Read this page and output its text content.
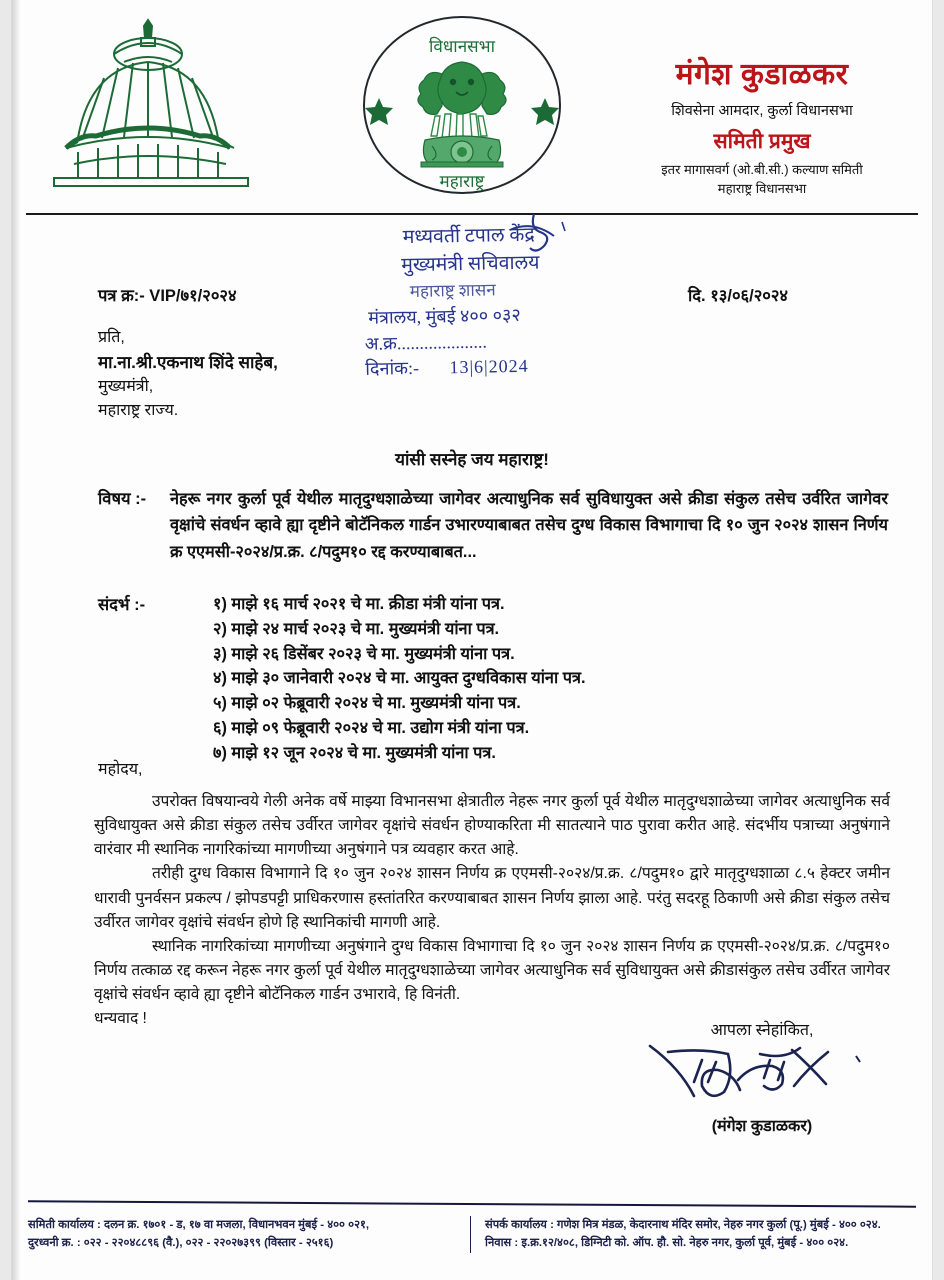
विधानसभा
महाराष्ट्र
मंगेश कुडाळकर
शिवसेना आमदार, कुर्ला विधानसभा
समिती प्रमुख
इतर मागासवर्ग (ओ.बी.सी.) कल्याण समिती
महाराष्ट्र विधानसभा
मध्यवर्ती टपाल केंद्र
मुख्यमंत्री सचिवालय
महाराष्ट्र शासन
मंत्रालय, मुंबई ४०० ०३२
अ.क्र....................
दिनांक:- 13|6|2024
पत्र क्र:- VIP/७१/२०२४	दि. १३/०६/२०२४
प्रति,
मा.ना.श्री.एकनाथ शिंदे साहेब,
मुख्यमंत्री,
महाराष्ट्र राज्य.
यांसी सस्नेह जय महाराष्ट्र!
विषय :-	नेहरू नगर कुर्ला पूर्व येथील मातृदुग्धशाळेच्या जागेवर अत्याधुनिक सर्व सुविधायुक्त असे क्रीडा संकुल तसेच उर्वरित जागेवर वृक्षांचे संवर्धन व्हावे ह्या दृष्टीने बोटॅनिकल गार्डन उभारण्याबाबत तसेच दुग्ध विकास विभागाचा दि १० जुन २०२४ शासन निर्णय क्र एएमसी-२०२४/प्र.क्र. ८/पदुम१० रद्द करण्याबाबत...
संदर्भ :-	१) माझे १६ मार्च २०२१ चे मा. क्रीडा मंत्री यांना पत्र.
२) माझे २४ मार्च २०२३ चे मा. मुख्यमंत्री यांना पत्र.
३) माझे २६ डिसेंबर २०२३ चे मा. मुख्यमंत्री यांना पत्र.
४) माझे ३० जानेवारी २०२४ चे मा. आयुक्त दुग्धविकास यांना पत्र.
५) माझे ०२ फेब्रूवारी २०२४ चे मा. मुख्यमंत्री यांना पत्र.
६) माझे ०९ फेब्रूवारी २०२४ चे मा. उद्योग मंत्री यांना पत्र.
७) माझे १२ जून २०२४ चे मा. मुख्यमंत्री यांना पत्र.
महोदय,

उपरोक्त विषयान्वये गेली अनेक वर्षे माझ्या विभानसभा क्षेत्रातील नेहरू नगर कुर्ला पूर्व येथील मातृदुग्धशाळेच्या जागेवर अत्याधुनिक सर्व सुविधायुक्त असे क्रीडा संकुल तसेच उर्वीरत जागेवर वृक्षांचे संवर्धन होण्याकरिता मी सातत्याने पाठ पुरावा करीत आहे. संदर्भीय पत्राच्या अनुषंगाने वारंवार मी स्थानिक नागरिकांच्या मागणीच्या अनुषंगाने पत्र व्यवहार करत आहे.

तरीही दुग्ध विकास विभागाने दि १० जुन २०२४ शासन निर्णय क्र एएमसी-२०२४/प्र.क्र. ८/पदुम१० द्वारे मातृदुग्धशाळा ८.५ हेक्टर जमीन धारावी पुनर्वसन प्रकल्प / झोपडपट्टी प्राधिकरणास हस्तांतरित करण्याबाबत शासन निर्णय झाला आहे. परंतु सदरहू ठिकाणी असे क्रीडा संकुल तसेच उर्वीरत जागेवर वृक्षांचे संवर्धन होणे हि स्थानिकांची मागणी आहे.

स्थानिक नागरिकांच्या मागणीच्या अनुषंगाने दुग्ध विकास विभागाचा दि १० जुन २०२४ शासन निर्णय क्र एएमसी-२०२४/प्र.क्र. ८/पदुम१० निर्णय तत्काळ रद्द करून नेहरू नगर कुर्ला पूर्व येथील मातृदुग्धशाळेच्या जागेवर अत्याधुनिक सर्व सुविधायुक्त असे क्रीडासंकुल तसेच उर्वीरत जागेवर वृक्षांचे संवर्धन व्हावे ह्या दृष्टीने बोटॅनिकल गार्डन उभारावे, हि विनंती.

धन्यवाद !

आपला स्नेहांकित,
(मंगेश कुडाळकर)
समिती कार्यालय : दलन क्र. १७०१ - ड, १७ वा मजला, विधानभवन मुंबई - ४०० ०२१,
दुरध्वनी क्र. : ०२२ - २२०४८८९६ (वै.), ०२२ - २२०२७३९९ (विस्तार - २५१६)
संपर्क कार्यालय : गणेश मित्र मंडळ, केदारनाथ मंदिर समोर, नेहरु नगर कुर्ला (पू.) मुंबई - ४०० ०२४.
निवास : इ.क्र.१२/४०८, डिग्निटी को. ऑप. हौ. सो. नेहरु नगर, कुर्ला पूर्व, मुंबई - ४०० ०२४.
